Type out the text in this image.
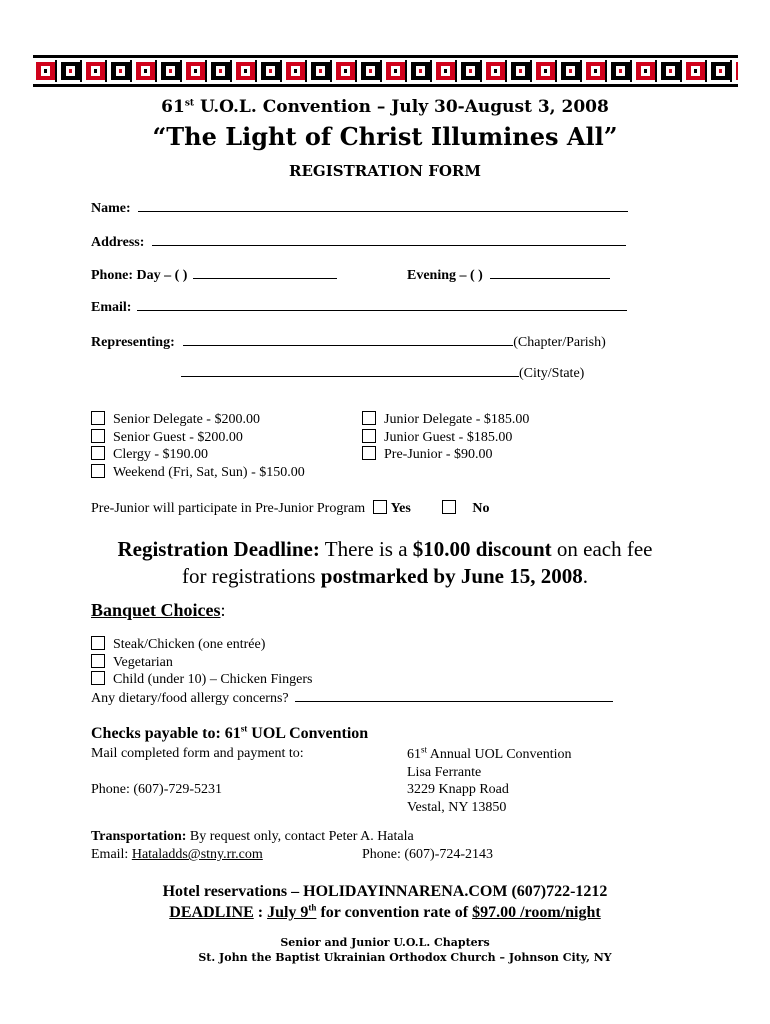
61st U.O.L. Convention – July 30-August 3, 2008
“The Light of Christ Illumines All”
REGISTRATION FORM
Name:
Address:
Phone: Day – ( )	Evening – ( )
Email:
Representing:	(Chapter/Parish)
(City/State)
Senior Delegate - $200.00
Senior Guest - $200.00
Clergy - $190.00
Weekend (Fri, Sat, Sun) - $150.00
Junior Delegate - $185.00
Junior Guest - $185.00
Pre-Junior - $90.00
Pre-Junior will participate in Pre-Junior Program Yes	No
Registration Deadline: There is a $10.00 discount on each fee
for registrations postmarked by June 15, 2008.
Banquet Choices:
Steak/Chicken (one entrée)
Vegetarian
Child (under 10) – Chicken Fingers
Any dietary/food allergy concerns?
Checks payable to: 61st UOL Convention
Mail completed form and payment to:
Phone: (607)-729-5231
61st Annual UOL Convention
Lisa Ferrante
3229 Knapp Road
Vestal, NY 13850
Transportation: By request only, contact Peter A. Hatala
Email: Hataladds@stny.rr.com	Phone: (607)-724-2143
Hotel reservations – HOLIDAYINNARENA.COM (607)722-1212
DEADLINE : July 9th for convention rate of $97.00 /room/night
Senior and Junior U.O.L. Chapters
St. John the Baptist Ukrainian Orthodox Church – Johnson City, NY
